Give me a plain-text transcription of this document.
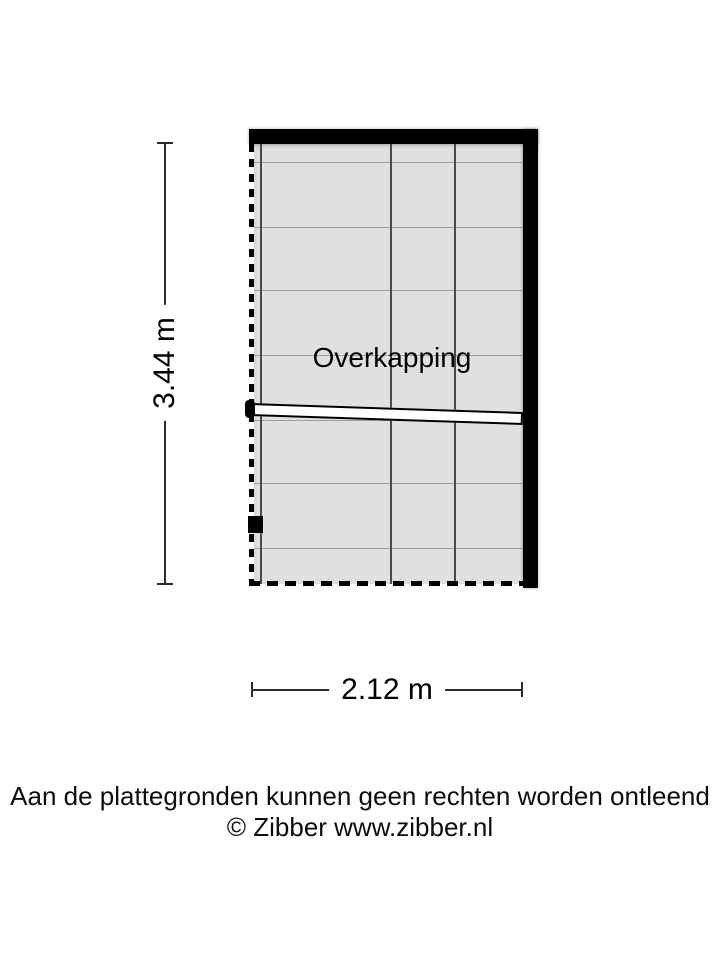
Overkapping
3.44 m
2.12 m
Aan de plattegronden kunnen geen rechten worden ontleend
© Zibber www.zibber.nl
